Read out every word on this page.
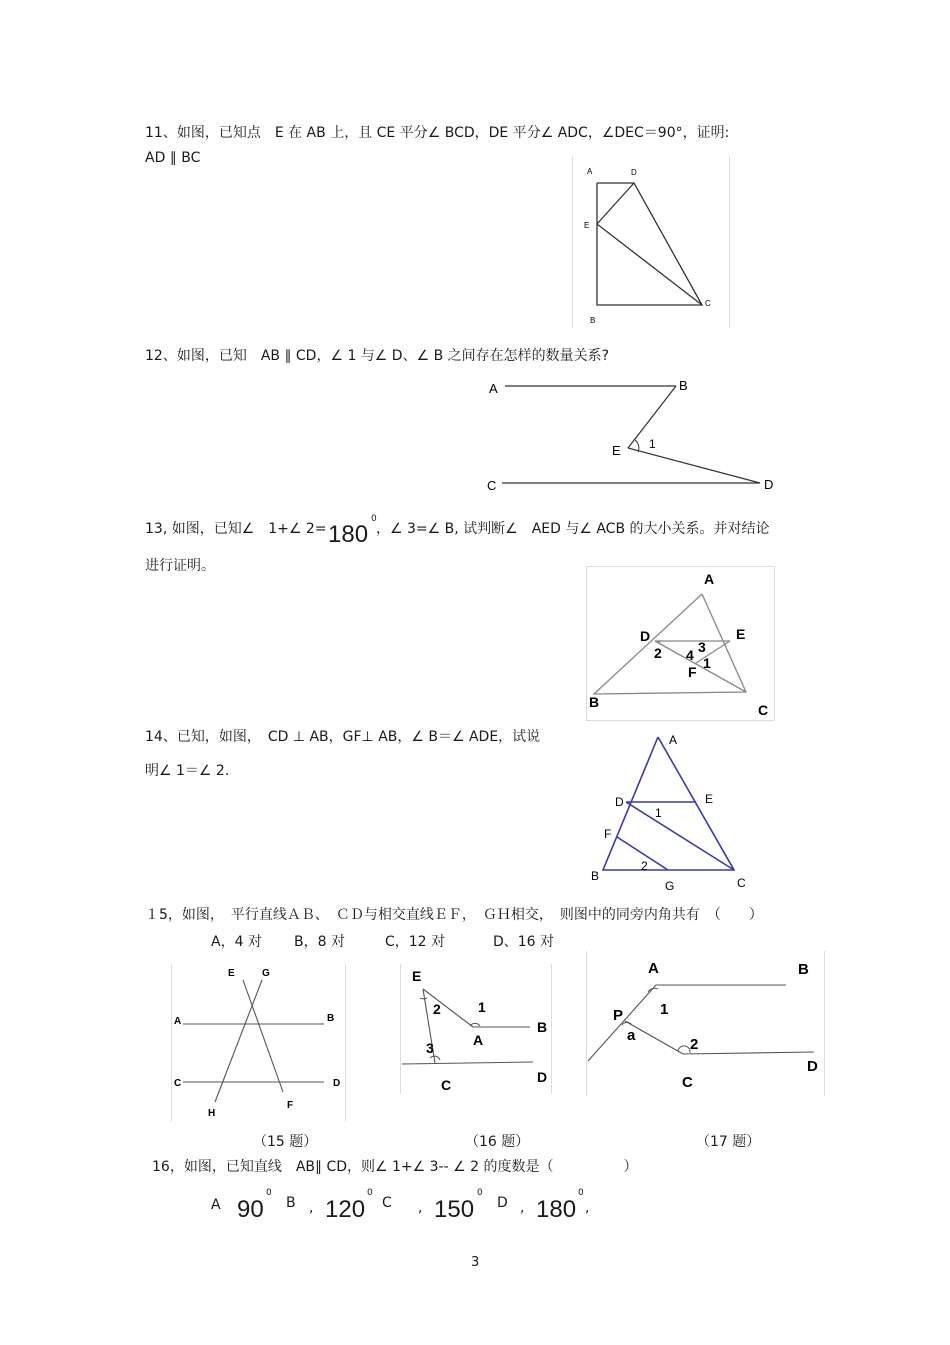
11、如图，已知点　E 在 AB 上，且 CE 平分∠ BCD，DE 平分∠ ADC，∠DEC＝90°，证明:
AD ∥ BC
A	D
E
B
C
12、如图，已知　AB ∥ CD，∠ 1 与∠ D、∠ B 之间存在怎样的数量关系?
A	B
E 1
C	D
13, 如图，已知∠　1+∠ 2= 180
0
，∠ 3=∠ B, 试判断∠　AED 与∠ ACB 的大小关系。并对结论
进行证明。
A
D	E
3
2 4 1
F
B	C
14、已知，如图，　CD ⊥ AB，GF⊥ AB，∠ B＝∠ ADE，试说
明∠ 1＝∠ 2.
A
D	E
1
F
2
B
G	C
１5，如图，　平行直线ＡＢ、　ＣＤ与相交直线ＥＦ，　ＧＨ相交，　则图中的同旁内角共有　（　　）
A，4 对 B，8 对	C，12 对	D、16 对
E	G
A	B
C	D
H
F
E
2	1
A
B
3
C	D
A	B
P 1
a
2
C
D
（15 题）	（16 题）	（17 题）
16，如图，已知直线　AB∥ CD，则∠ 1+∠ 3-- ∠ 2 的度数是（　　　　　）
A 90
0
B , 120
0
C , 150
0
D , 180
0
,
3
